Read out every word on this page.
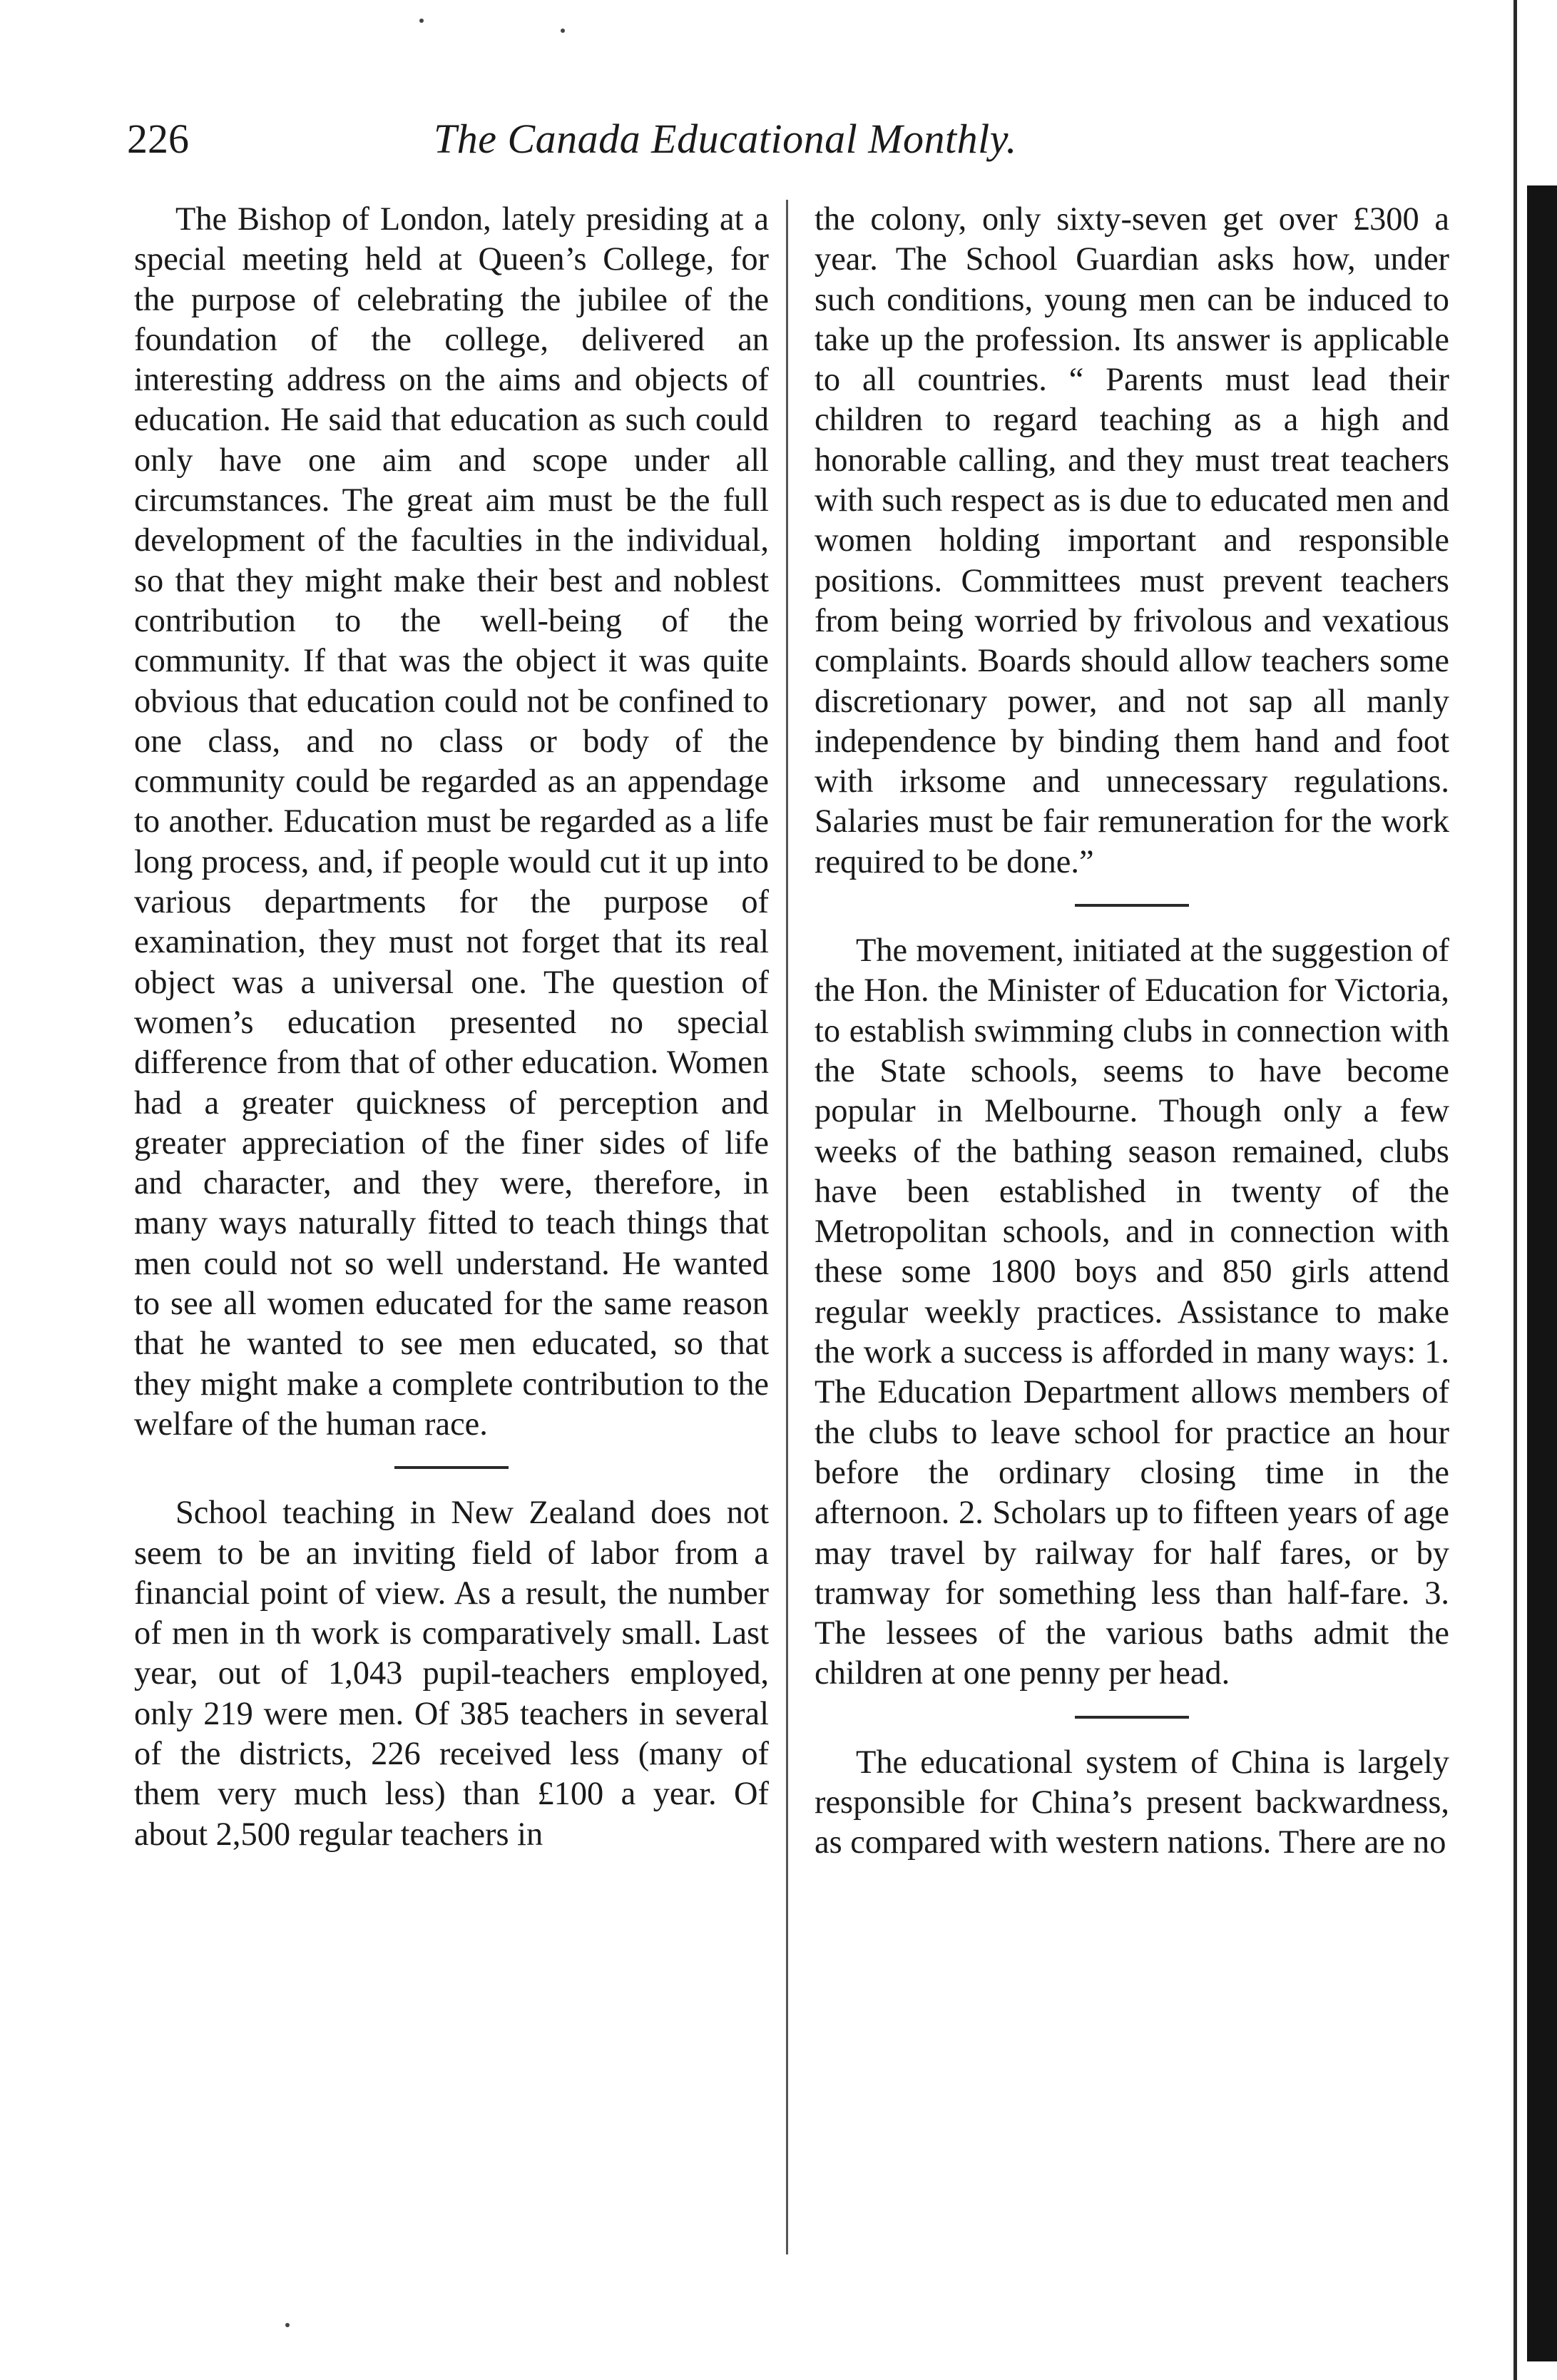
226	The Canada Educational Monthly.

The Bishop of London, lately presiding at a special meeting held at Queen’s College, for the purpose of celebrating the jubilee of the foundation of the college, delivered an interesting address on the aims and objects of education. He said that education as such could only have one aim and scope under all circumstances. The great aim must be the full development of the faculties in the individual, so that they might make their best and noblest contribution to the well-being of the community. If that was the object it was quite obvious that education could not be confined to one class, and no class or body of the community could be regarded as an appendage to another. Education must be regarded as a life long process, and, if people would cut it up into various departments for the purpose of examination, they must not forget that its real object was a universal one. The question of women’s education presented no special difference from that of other education. Women had a greater quickness of perception and greater appreciation of the finer sides of life and character, and they were, therefore, in many ways naturally fitted to teach things that men could not so well understand. He wanted to see all women educated for the same reason that he wanted to see men educated, so that they might make a complete contribution to the welfare of the human race.

School teaching in New Zealand does not seem to be an inviting field of labor from a financial point of view. As a result, the number of men in th work is comparatively small. Last year, out of 1,043 pupil-teachers employed, only 219 were men. Of 385 teachers in several of the districts, 226 received less (many of them very much less) than £100 a year. Of about 2,500 regular teachers in

the colony, only sixty-seven get over £300 a year. The School Guardian asks how, under such conditions, young men can be induced to take up the profession. Its answer is applicable to all countries. “ Parents must lead their children to regard teaching as a high and honorable calling, and they must treat teachers with such respect as is due to educated men and women holding important and responsible positions. Committees must prevent teachers from being worried by frivolous and vexatious complaints. Boards should allow teachers some discretionary power, and not sap all manly independence by binding them hand and foot with irksome and unnecessary regulations. Salaries must be fair remuneration for the work required to be done.”

The movement, initiated at the suggestion of the Hon. the Minister of Education for Victoria, to establish swimming clubs in connection with the State schools, seems to have become popular in Melbourne. Though only a few weeks of the bathing season remained, clubs have been established in twenty of the Metropolitan schools, and in connection with these some 1800 boys and 850 girls attend regular weekly practices. Assistance to make the work a success is afforded in many ways: 1. The Education Department allows members of the clubs to leave school for practice an hour before the ordinary closing time in the afternoon. 2. Scholars up to fifteen years of age may travel by railway for half fares, or by tramway for something less than half-fare. 3. The lessees of the various baths admit the children at one penny per head.

The educational system of China is largely responsible for China’s present backwardness, as compared with western nations. There are no
